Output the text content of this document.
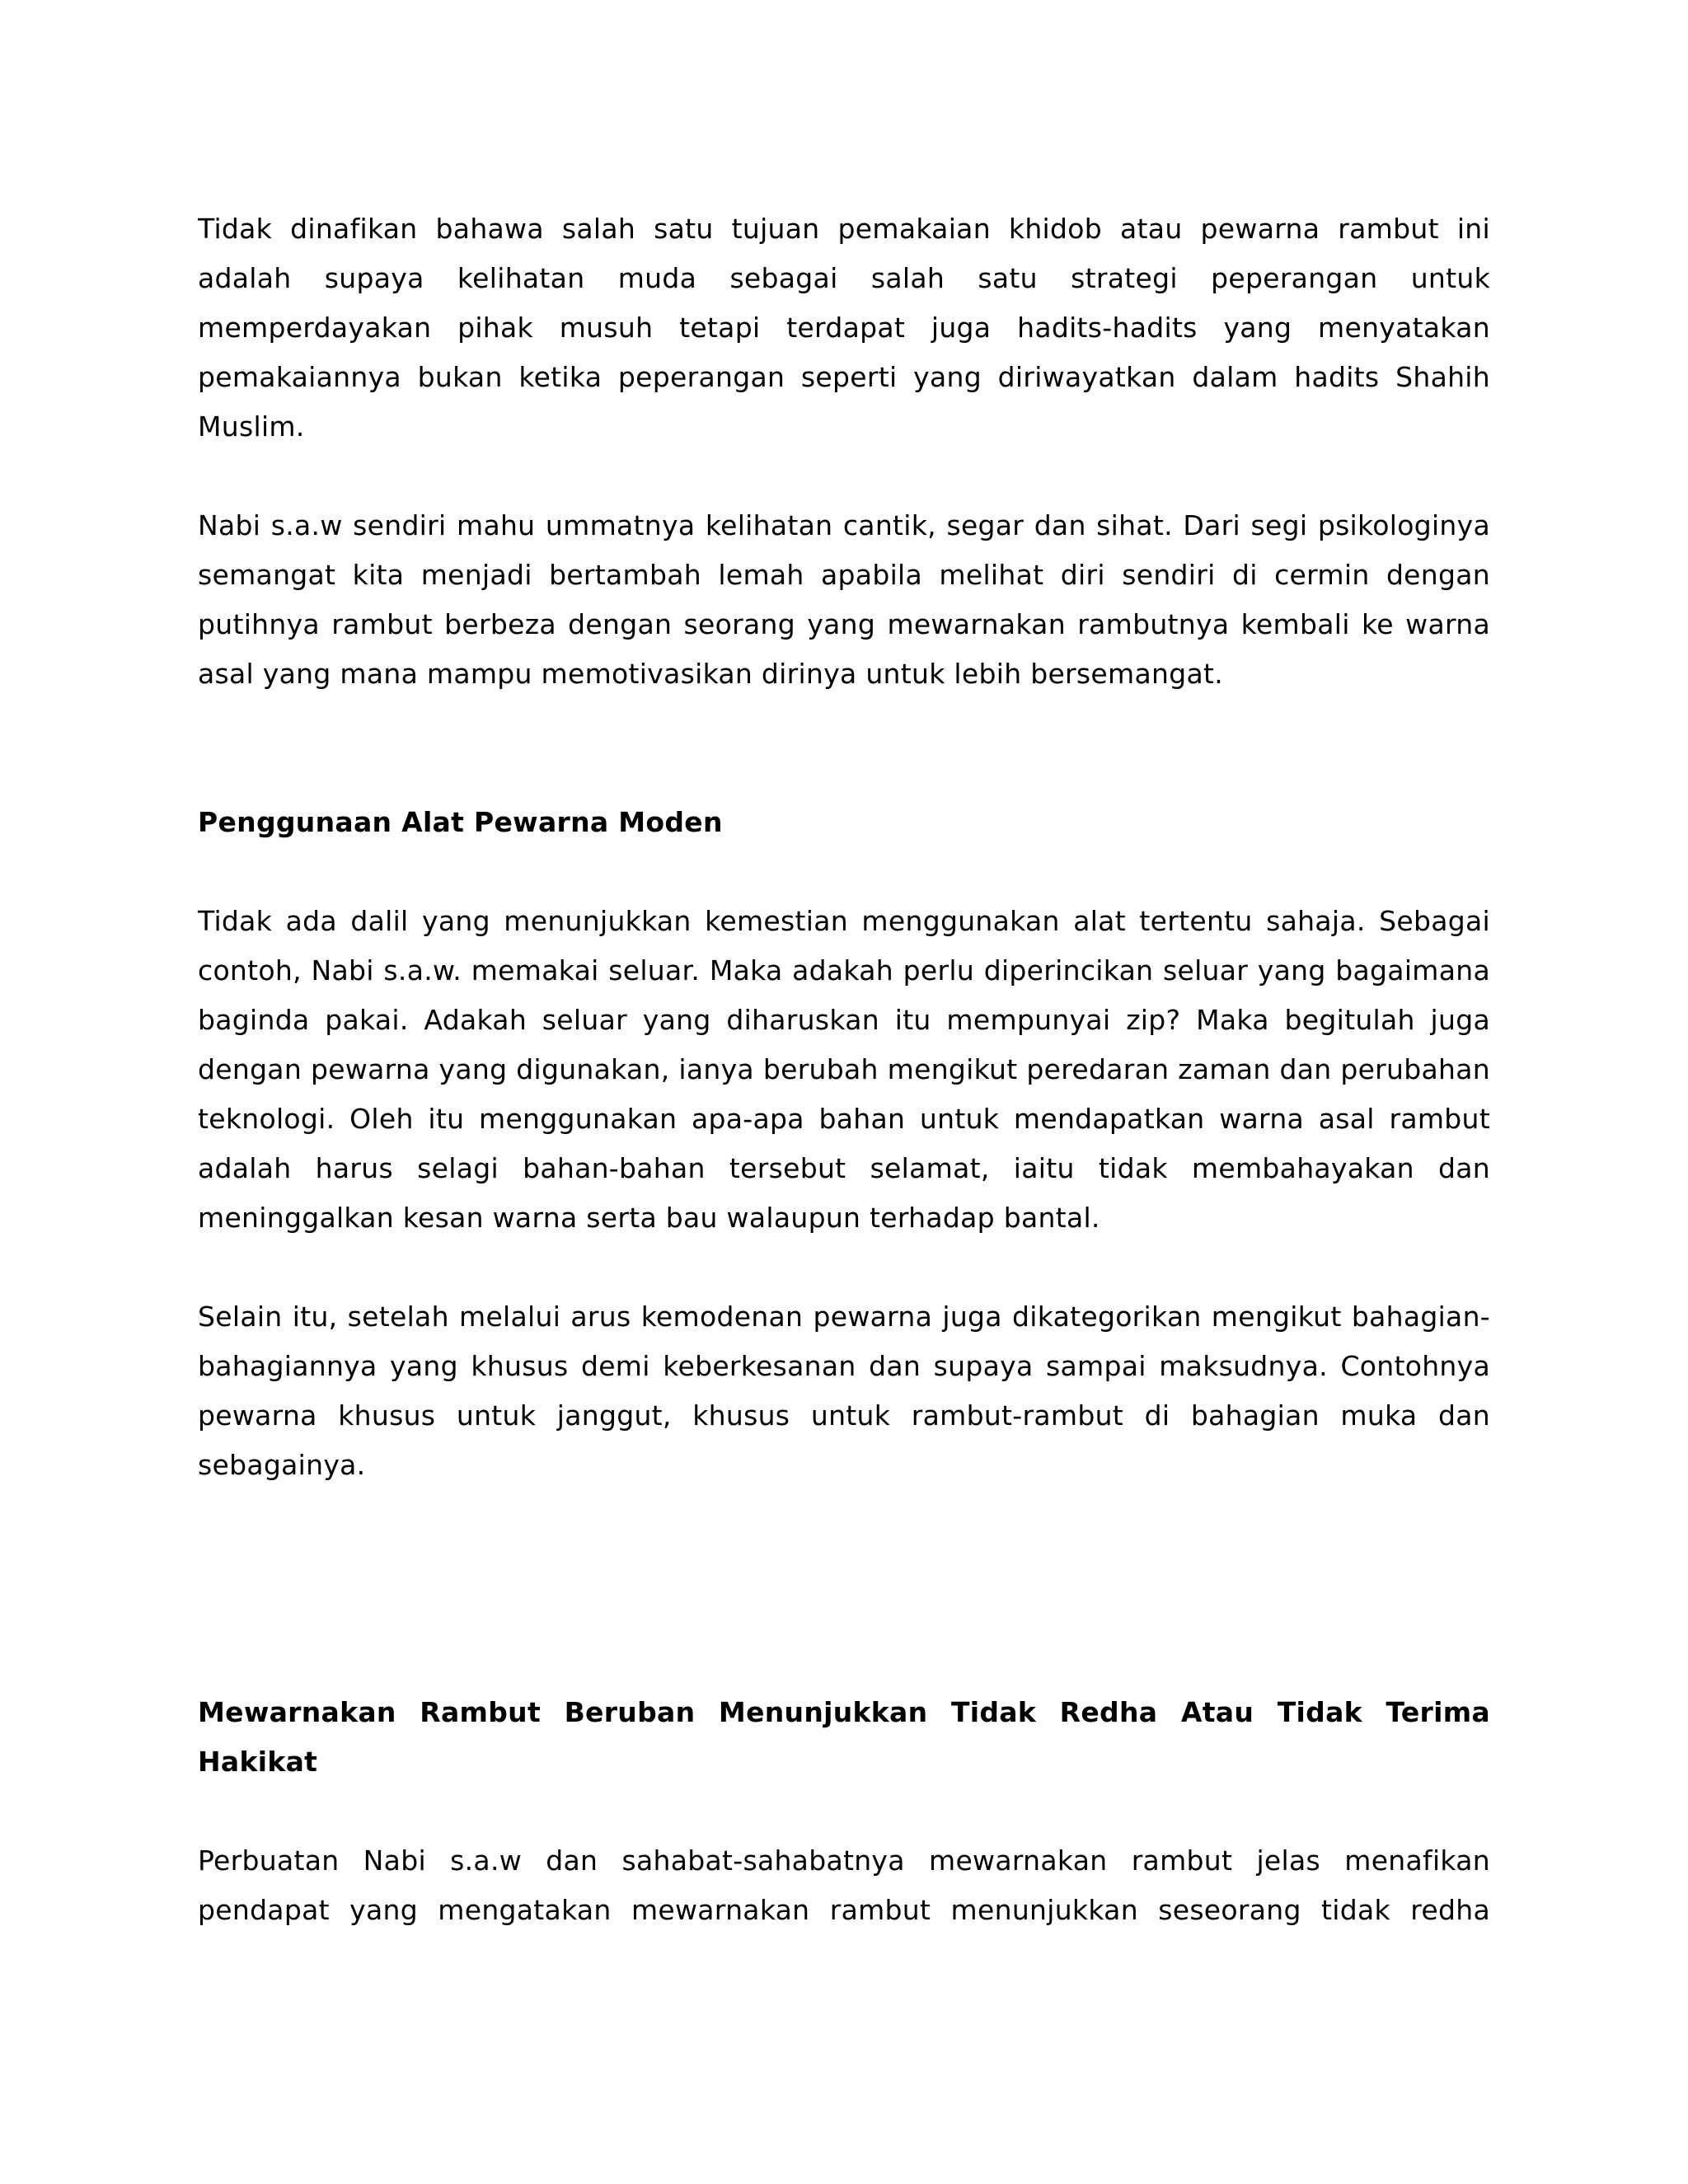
Tidak dinafikan bahawa salah satu tujuan pemakaian khidob atau pewarna rambut ini adalah supaya kelihatan muda sebagai salah satu strategi peperangan untuk memperdayakan pihak musuh tetapi terdapat juga hadits-hadits yang menyatakan pemakaiannya bukan ketika peperangan seperti yang diriwayatkan dalam hadits Shahih Muslim.

Nabi s.a.w sendiri mahu ummatnya kelihatan cantik, segar dan sihat. Dari segi psikologinya semangat kita menjadi bertambah lemah apabila melihat diri sendiri di cermin dengan putihnya rambut berbeza dengan seorang yang mewarnakan rambutnya kembali ke warna asal yang mana mampu memotivasikan dirinya untuk lebih bersemangat.

Penggunaan Alat Pewarna Moden

Tidak ada dalil yang menunjukkan kemestian menggunakan alat tertentu sahaja. Sebagai contoh, Nabi s.a.w. memakai seluar. Maka adakah perlu diperincikan seluar yang bagaimana baginda pakai. Adakah seluar yang diharuskan itu mempunyai zip? Maka begitulah juga dengan pewarna yang digunakan, ianya berubah mengikut peredaran zaman dan perubahan teknologi. Oleh itu menggunakan apa-apa bahan untuk mendapatkan warna asal rambut adalah harus selagi bahan-bahan tersebut selamat, iaitu tidak membahayakan dan meninggalkan kesan warna serta bau walaupun terhadap bantal.

Selain itu, setelah melalui arus kemodenan pewarna juga dikategorikan mengikut bahagian-bahagiannya yang khusus demi keberkesanan dan supaya sampai maksudnya. Contohnya pewarna khusus untuk janggut, khusus untuk rambut-rambut di bahagian muka dan sebagainya.

Mewarnakan Rambut Beruban Menunjukkan Tidak Redha Atau Tidak Terima Hakikat

Perbuatan Nabi s.a.w dan sahabat-sahabatnya mewarnakan rambut jelas menafikan pendapat yang mengatakan mewarnakan rambut menunjukkan seseorang tidak redha
